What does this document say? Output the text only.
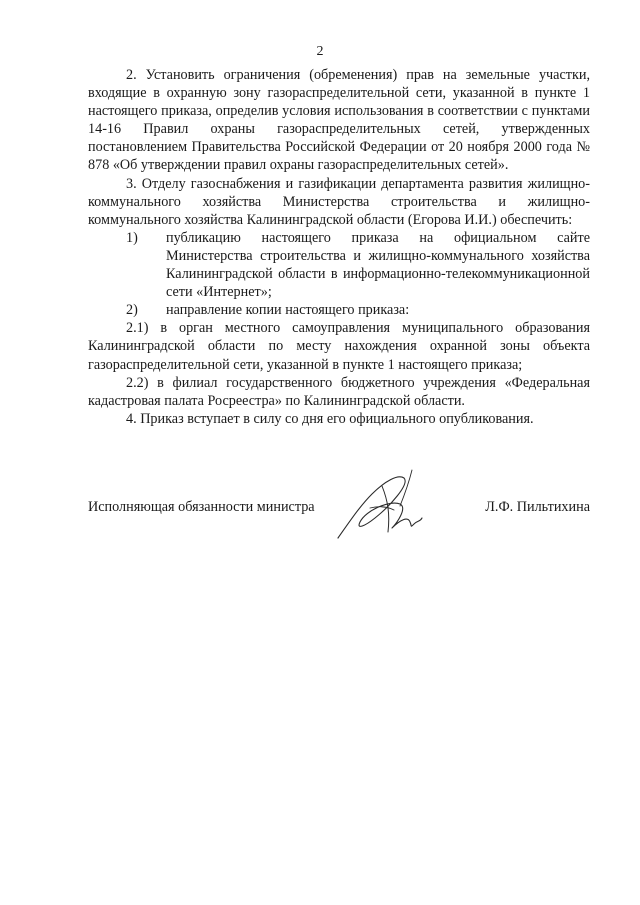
2

2. Установить ограничения (обременения) прав на земельные участки, входящие в охранную зону газораспределительной сети, указанной в пункте 1 настоящего приказа, определив условия использования в соответствии с пунктами 14-16 Правил охраны газораспределительных сетей, утвержденных постановлением Правительства Российской Федерации от 20 ноября 2000 года № 878 «Об утверждении правил охраны газораспределительных сетей».

3. Отделу газоснабжения и газификации департамента развития жилищно-коммунального хозяйства Министерства строительства и жилищно-коммунального хозяйства Калининградской области (Егорова И.И.) обеспечить:

1)	публикацию настоящего приказа на официальном сайте Министерства строительства и жилищно-коммунального хозяйства Калининградской области в информационно-телекоммуникационной сети «Интернет»;
2)	направление копии настоящего приказа:

2.1) в орган местного самоуправления муниципального образования Калининградской области по месту нахождения охранной зоны объекта газораспределительной сети, указанной в пункте 1 настоящего приказа;

2.2) в филиал государственного бюджетного учреждения «Федеральная кадастровая палата Росреестра» по Калининградской области.

4. Приказ вступает в силу со дня его официального опубликования.

Исполняющая обязанности министра	Л.Ф. Пильтихина
